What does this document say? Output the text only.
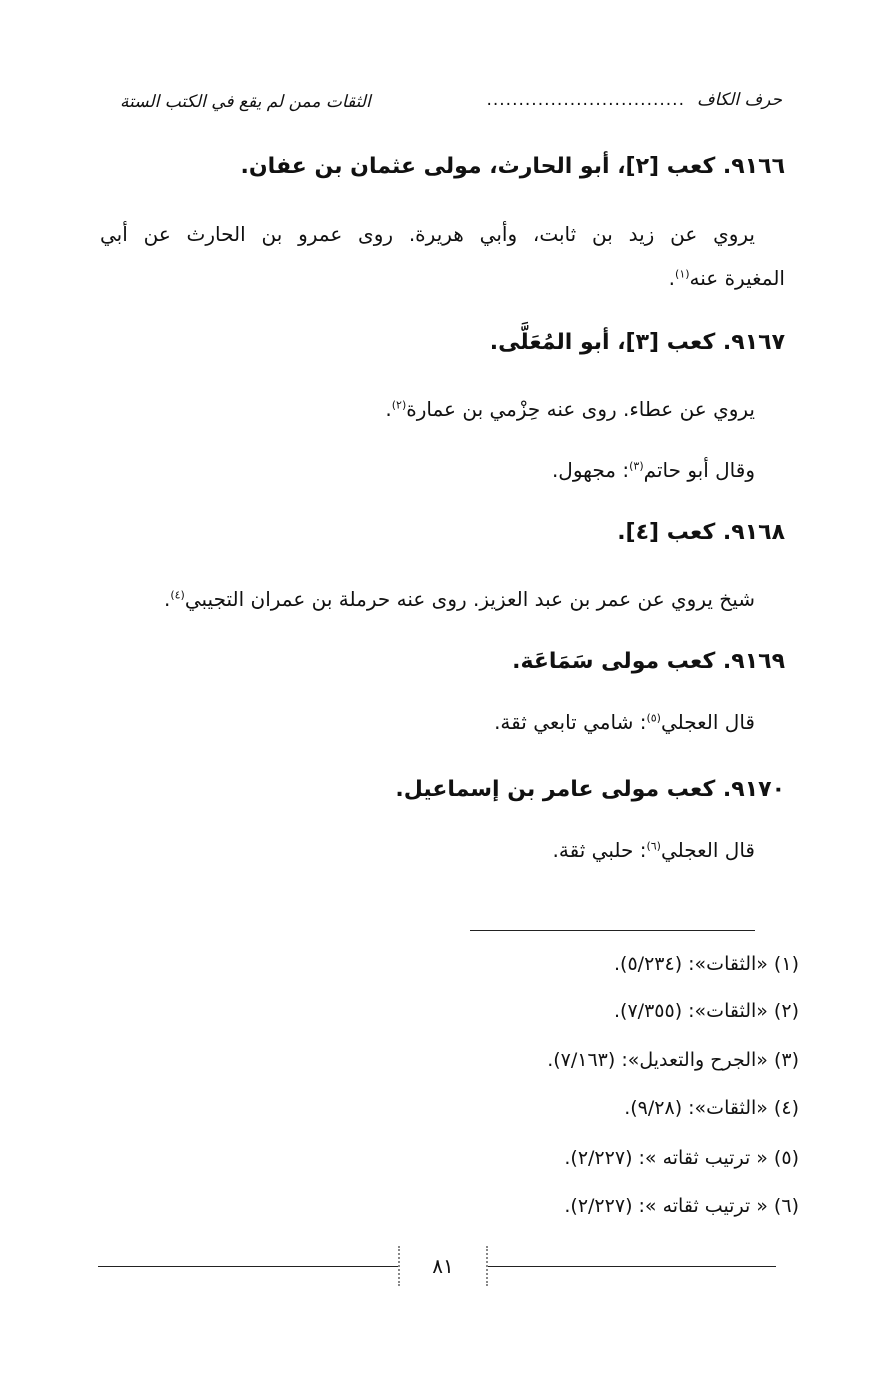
حرف الكاف
...............................
الثقات ممن لم يقع في الكتب الستة
٩١٦٦. كعب [٢]، أبو الحارث، مولى عثمان بن عفان.
يروي عن زيد بن ثابت، وأبي هريرة. روى عمرو بن الحارث عن أبي
المغيرة عنه$^{(١)}$.
٩١٦٧. كعب [٣]، أبو المُعَلَّى.
يروي عن عطاء. روى عنه حِزْمي بن عمارة$^{(٢)}$.
وقال أبو حاتم$^{(٣)}$: مجهول.
٩١٦٨. كعب [٤].
شيخ يروي عن عمر بن عبد العزيز. روى عنه حرملة بن عمران التجيبي$^{(٤)}$.
٩١٦٩. كعب مولى سَمَاعَة.
قال العجلي$^{(٥)}$: شامي تابعي ثقة.
٩١٧٠. كعب مولى عامر بن إسماعيل.
قال العجلي$^{(٦)}$: حلبي ثقة.
(١) «الثقات»: (٥/٢٣٤).
(٢) «الثقات»: (٧/٣٥٥).
(٣) «الجرح والتعديل»: (٧/١٦٣).
(٤) «الثقات»: (٩/٢٨).
(٥) « ترتيب ثقاته »: (٢/٢٢٧).
(٦) « ترتيب ثقاته »: (٢/٢٢٧).
٨١
